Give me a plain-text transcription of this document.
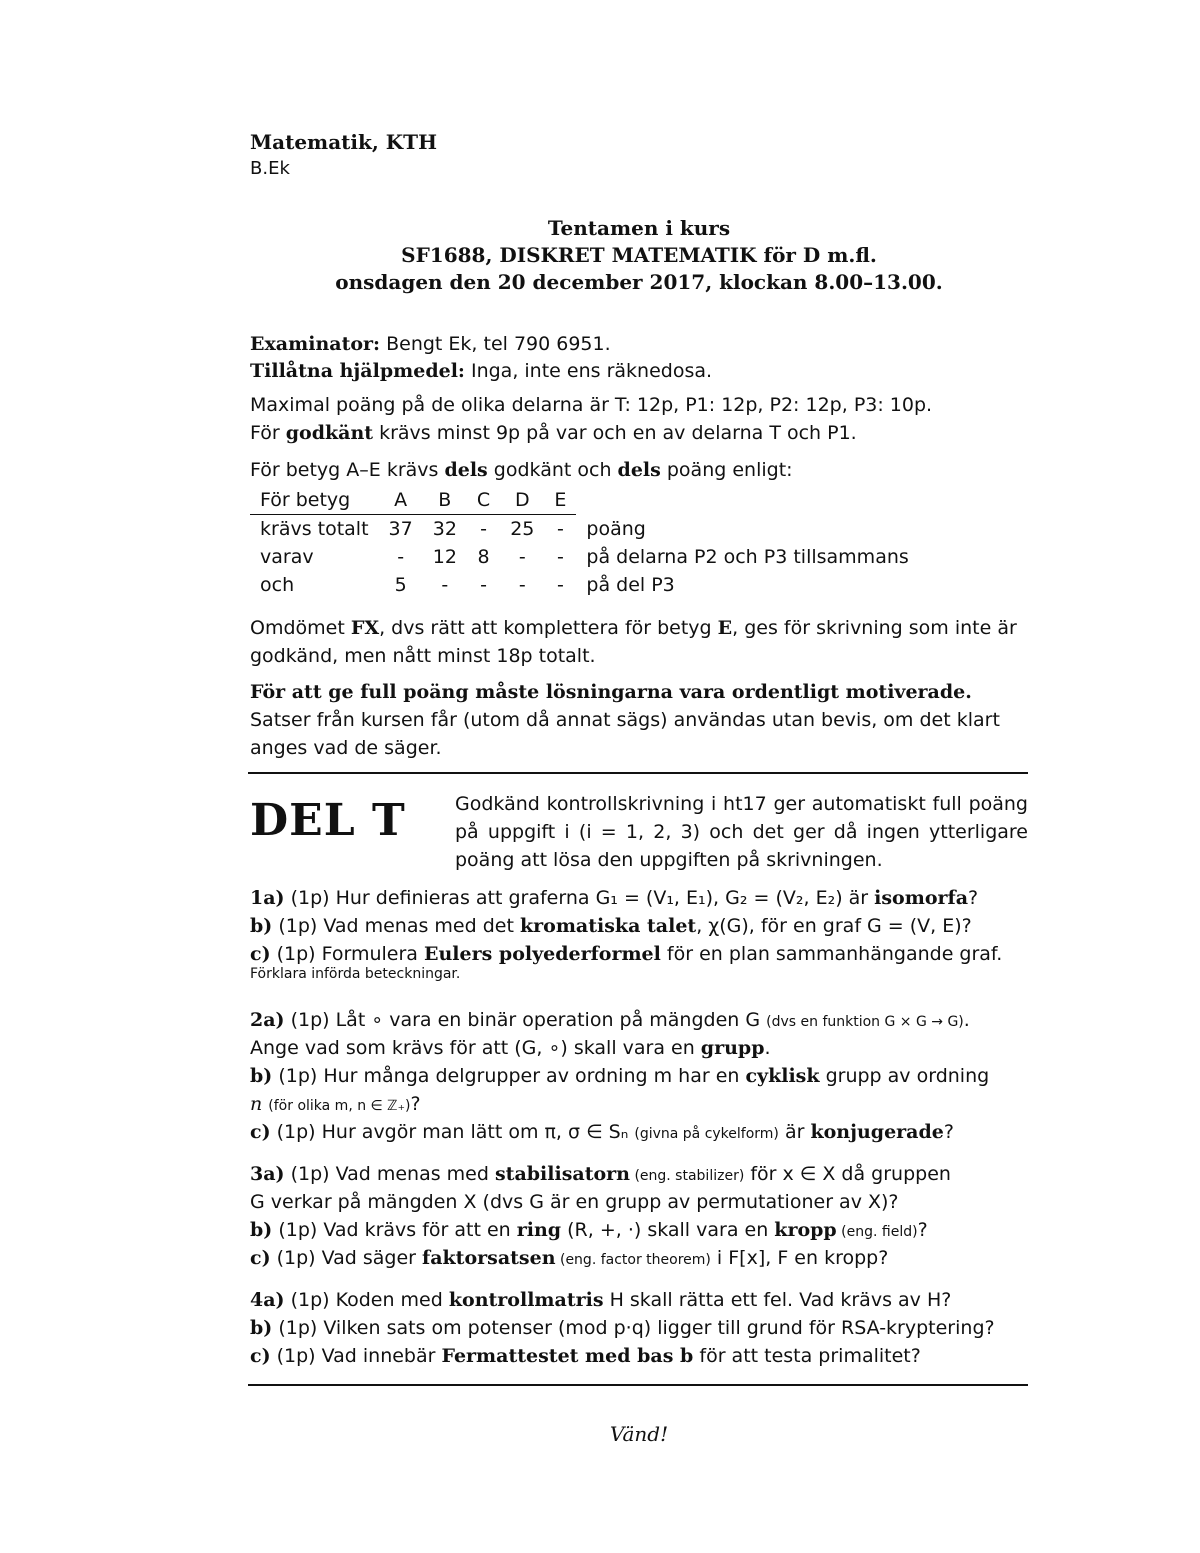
Matematik, KTH
B.Ek
Tentamen i kurs
SF1688, DISKRET MATEMATIK för D m.fl.
onsdagen den 20 december 2017, klockan 8.00–13.00.
Examinator: Bengt Ek, tel 790 6951.
Tillåtna hjälpmedel: Inga, inte ens räknedosa.
Maximal poäng på de olika delarna är T: 12p, P1: 12p, P2: 12p, P3: 10p.
För godkänt krävs minst 9p på var och en av delarna T och P1.
För betyg A–E krävs dels godkänt och dels poäng enligt:
För betyg	A	B	C	D	E	
krävs totalt	37	32	-	25	-	poäng
varav	-	12	8	-	-	på delarna P2 och P3 tillsammans
och	5	-	-	-	-	på del P3
Omdömet FX, dvs rätt att komplettera för betyg E, ges för skrivning som inte är godkänd, men nått minst 18p totalt.
För att ge full poäng måste lösningarna vara ordentligt motiverade.
Satser från kursen får (utom då annat sägs) användas utan bevis, om det klart anges vad de säger.
DEL T	Godkänd kontrollskrivning i ht17 ger automatiskt full poäng på uppgift i (i = 1, 2, 3) och det ger då ingen ytterligare poäng att lösa den uppgiften på skrivningen.
1a) (1p) Hur definieras att graferna G₁ = (V₁, E₁), G₂ = (V₂, E₂) är isomorfa?
b) (1p) Vad menas med det kromatiska talet, χ(G), för en graf G = (V, E)?
c) (1p) Formulera Eulers polyederformel för en plan sammanhängande graf.
Förklara införda beteckningar.
2a) (1p) Låt ∘ vara en binär operation på mängden G (dvs en funktion G × G → G).
Ange vad som krävs för att (G, ∘) skall vara en grupp.
b) (1p) Hur många delgrupper av ordning m har en cyklisk grupp av ordning
n (för olika m, n ∈ ℤ₊)?
c) (1p) Hur avgör man lätt om π, σ ∈ Sₙ (givna på cykelform) är konjugerade?
3a) (1p) Vad menas med stabilisatorn (eng. stabilizer) för x ∈ X då gruppen
G verkar på mängden X (dvs G är en grupp av permutationer av X)?
b) (1p) Vad krävs för att en ring (R, +, ·) skall vara en kropp (eng. field)?
c) (1p) Vad säger faktorsatsen (eng. factor theorem) i F[x], F en kropp?
4a) (1p) Koden med kontrollmatris H skall rätta ett fel. Vad krävs av H?
b) (1p) Vilken sats om potenser (mod p·q) ligger till grund för RSA-kryptering?
c) (1p) Vad innebär Fermattestet med bas b för att testa primalitet?
Vänd!
